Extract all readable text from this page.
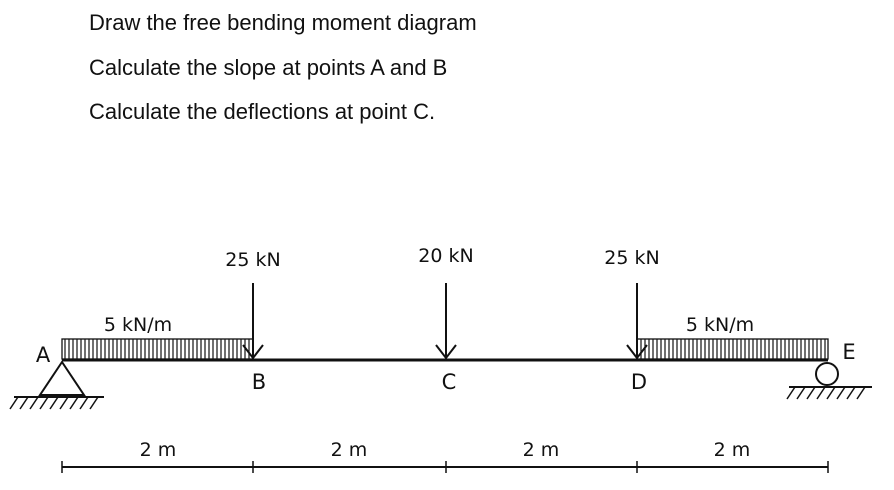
Draw the free bending moment diagram
Calculate the slope at points A and B
Calculate the deflections at point C.
25 kN	20 kN	25 kN
5 kN/m	5 kN/m
A
B	C	D
E
2 m	2 m	2 m	2 m
